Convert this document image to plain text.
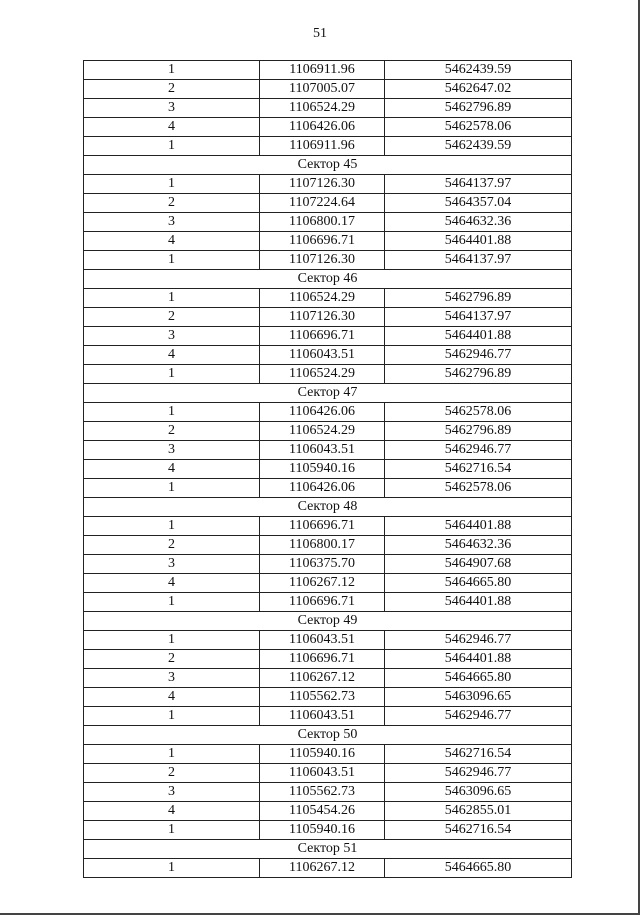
51
1	1106911.96	5462439.59
2	1107005.07	5462647.02
3	1106524.29	5462796.89
4	1106426.06	5462578.06
1	1106911.96	5462439.59
Сектор 45		
1	1107126.30	5464137.97
2	1107224.64	5464357.04
3	1106800.17	5464632.36
4	1106696.71	5464401.88
1	1107126.30	5464137.97
Сектор 46		
1	1106524.29	5462796.89
2	1107126.30	5464137.97
3	1106696.71	5464401.88
4	1106043.51	5462946.77
1	1106524.29	5462796.89
Сектор 47		
1	1106426.06	5462578.06
2	1106524.29	5462796.89
3	1106043.51	5462946.77
4	1105940.16	5462716.54
1	1106426.06	5462578.06
Сектор 48		
1	1106696.71	5464401.88
2	1106800.17	5464632.36
3	1106375.70	5464907.68
4	1106267.12	5464665.80
1	1106696.71	5464401.88
Сектор 49		
1	1106043.51	5462946.77
2	1106696.71	5464401.88
3	1106267.12	5464665.80
4	1105562.73	5463096.65
1	1106043.51	5462946.77
Сектор 50		
1	1105940.16	5462716.54
2	1106043.51	5462946.77
3	1105562.73	5463096.65
4	1105454.26	5462855.01
1	1105940.16	5462716.54
Сектор 51		
1	1106267.12	5464665.80
